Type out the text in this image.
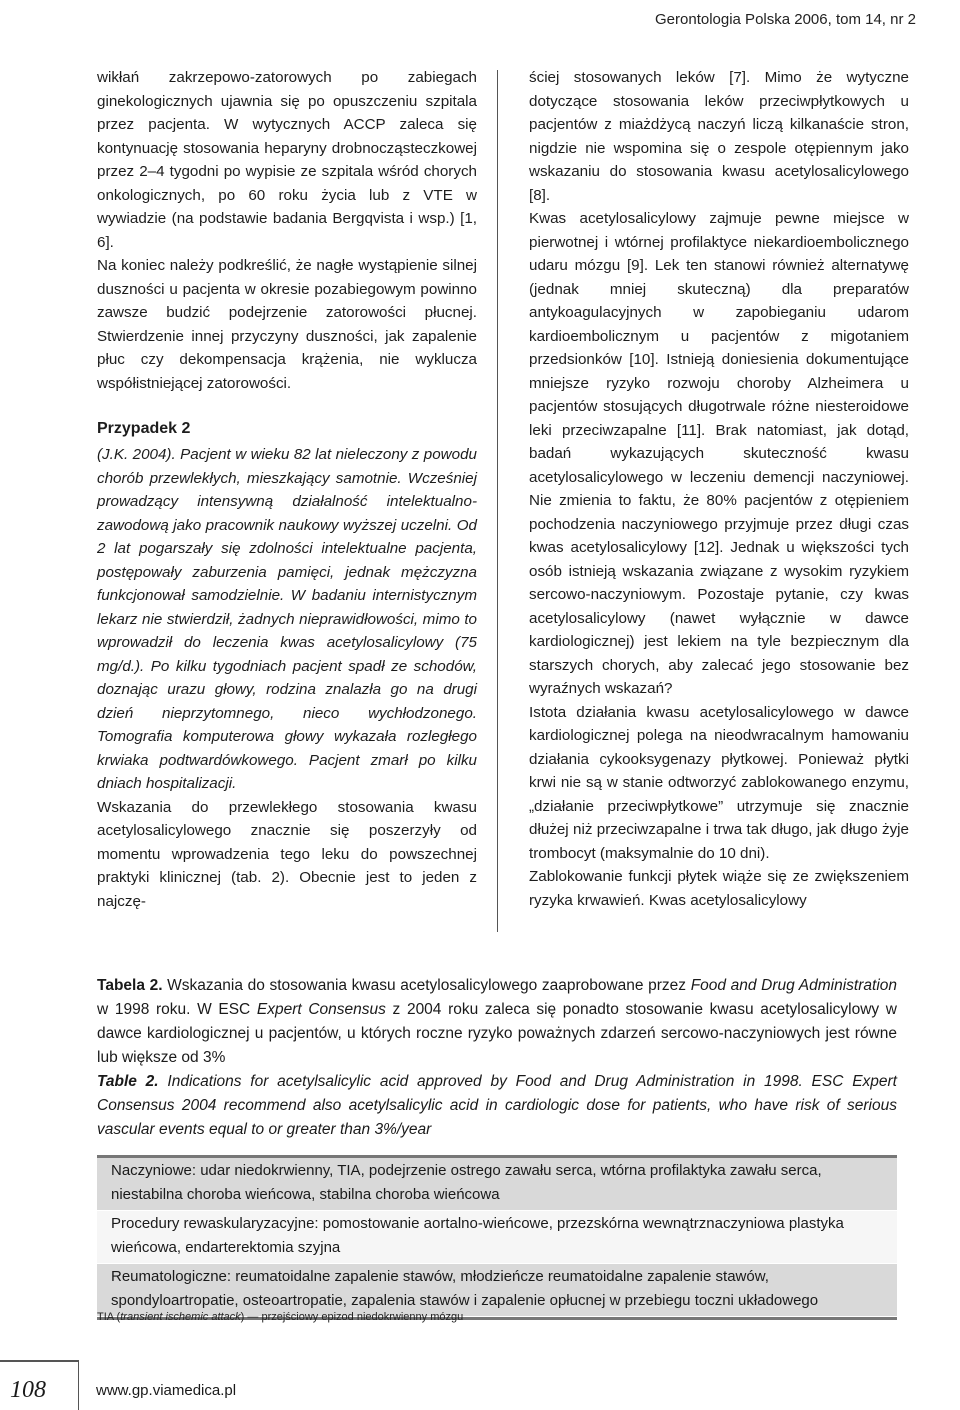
Gerontologia Polska 2006, tom 14, nr 2

wikłań zakrzepowo-zatorowych po zabiegach ginekologicznych ujawnia się po opuszczeniu szpitala przez pacjenta. W wytycznych ACCP zaleca się kontynuację stosowania heparyny drobnocząsteczkowej przez 2–4 tygodni po wypisie ze szpitala wśród chorych onkologicznych, po 60 roku życia lub z VTE w wywiadzie (na podstawie badania Bergqvista i wsp.) [1, 6].

Na koniec należy podkreślić, że nagłe wystąpienie silnej duszności u pacjenta w okresie pozabiegowym powinno zawsze budzić podejrzenie zatorowości płucnej. Stwierdzenie innej przyczyny duszności, jak zapalenie płuc czy dekompensacja krążenia, nie wyklucza współistniejącej zatorowości.

Przypadek 2

(J.K. 2004). Pacjent w wieku 82 lat nieleczony z powodu chorób przewlekłych, mieszkający samotnie. Wcześniej prowadzący intensywną działalność intelektualno-zawodową jako pracownik naukowy wyższej uczelni. Od 2 lat pogarszały się zdolności intelektualne pacjenta, postępowały zaburzenia pamięci, jednak mężczyzna funkcjonował samodzielnie. W badaniu internistycznym lekarz nie stwierdził, żadnych nieprawidłowości, mimo to wprowadził do leczenia kwas acetylosalicylowy (75 mg/d.). Po kilku tygodniach pacjent spadł ze schodów, doznając urazu głowy, rodzina znalazła go na drugi dzień nieprzytomnego, nieco wychłodzonego. Tomografia komputerowa głowy wykazała rozległego krwiaka podtwardówkowego. Pacjent zmarł po kilku dniach hospitalizacji.

Wskazania do przewlekłego stosowania kwasu acetylosalicylowego znacznie się poszerzyły od momentu wprowadzenia tego leku do powszechnej praktyki klinicznej (tab. 2). Obecnie jest to jeden z najczę-

ściej stosowanych leków [7]. Mimo że wytyczne dotyczące stosowania leków przeciwpłytkowych u pacjentów z miażdżycą naczyń liczą kilkanaście stron, nigdzie nie wspomina się o zespole otępiennym jako wskazaniu do stosowania kwasu acetylosalicylowego [8].

Kwas acetylosalicylowy zajmuje pewne miejsce w pierwotnej i wtórnej profilaktyce niekardioembolicznego udaru mózgu [9]. Lek ten stanowi również alternatywę (jednak mniej skuteczną) dla preparatów antykoagulacyjnych w zapobieganiu udarom kardioembolicznym u pacjentów z migotaniem przedsionków [10]. Istnieją doniesienia dokumentujące mniejsze ryzyko rozwoju choroby Alzheimera u pacjentów stosujących długotrwale różne niesteroidowe leki przeciwzapalne [11]. Brak natomiast, jak dotąd, badań wykazujących skuteczność kwasu acetylosalicylowego w leczeniu demencji naczyniowej. Nie zmienia to faktu, że 80% pacjentów z otępieniem pochodzenia naczyniowego przyjmuje przez długi czas kwas acetylosalicylowy [12]. Jednak u większości tych osób istnieją wskazania związane z wysokim ryzykiem sercowo-naczyniowym. Pozostaje pytanie, czy kwas acetylosalicylowy (nawet wyłącznie w dawce kardiologicznej) jest lekiem na tyle bezpiecznym dla starszych chorych, aby zalecać jego stosowanie bez wyraźnych wskazań?

Istota działania kwasu acetylosalicylowego w dawce kardiologicznej polega na nieodwracalnym hamowaniu działania cykooksygenazy płytkowej. Ponieważ płytki krwi nie są w stanie odtworzyć zablokowanego enzymu, „działanie przeciwpłytkowe” utrzymuje się znacznie dłużej niż przeciwzapalne i trwa tak długo, jak długo żyje trombocyt (maksymalnie do 10 dni).

Zablokowanie funkcji płytek wiąże się ze zwiększeniem ryzyka krwawień. Kwas acetylosalicylowy

Tabela 2. Wskazania do stosowania kwasu acetylosalicylowego zaaprobowane przez Food and Drug Administration w 1998 roku. W ESC Expert Consensus z 2004 roku zaleca się ponadto stosowanie kwasu acetylosalicylowy w dawce kardiologicznej u pacjentów, u których roczne ryzyko poważnych zdarzeń sercowo-naczyniowych jest równe lub większe od 3%

Table 2. Indications for acetylsalicylic acid approved by Food and Drug Administration in 1998. ESC Expert Consensus 2004 recommend also acetylsalicylic acid in cardiologic dose for patients, who have risk of serious vascular events equal to or greater than 3%/year

Naczyniowe: udar niedokrwienny, TIA, podejrzenie ostrego zawału serca, wtórna profilaktyka zawału serca, niestabilna choroba wieńcowa, stabilna choroba wieńcowa
Procedury rewaskularyzacyjne: pomostowanie aortalno-wieńcowe, przezskórna wewnątrznaczyniowa plastyka wieńcowa, endarterektomia szyjna
Reumatologiczne: reumatoidalne zapalenie stawów, młodzieńcze reumatoidalne zapalenie stawów, spondyloartropatie, osteoartropatie, zapalenia stawów i zapalenie opłucnej w przebiegu toczni układowego
TIA (transient ischemic attack) — przejściowy epizod niedokrwienny mózgu
108	www.gp.viamedica.pl
